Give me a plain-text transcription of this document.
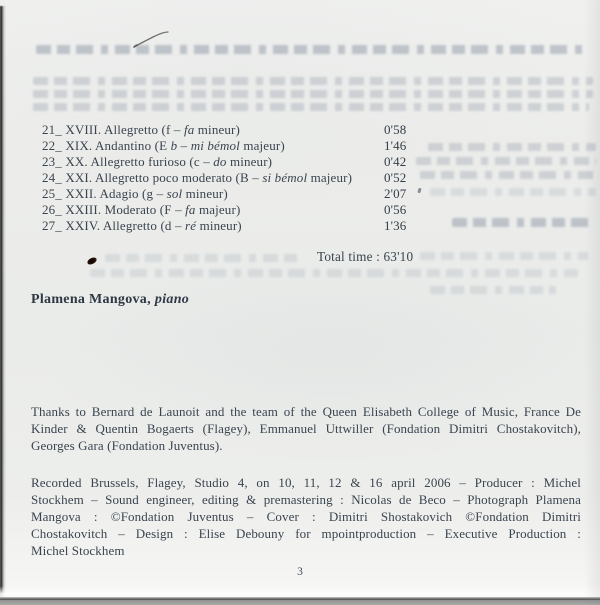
21_ XVIII. Allegretto (f – fa mineur)	0'58
22_ XIX. Andantino (E b – mi bémol majeur)	1'46
23_ XX. Allegretto furioso (c – do mineur)	0'42
24_ XXI. Allegretto poco moderato (B – si bémol majeur)	0'52
25_ XXII. Adagio (g – sol mineur)	2'07
26_ XXIII. Moderato (F – fa majeur)	0'56
27_ XXIV. Allegretto (d – ré mineur)	1'36
Total time : 63'10
Plamena Mangova, piano
Thanks to Bernard de Launoit and the team of the Queen Elisabeth College of Music, France De
Kinder & Quentin Bogaerts (Flagey), Emmanuel Uttwiller (Fondation Dimitri Chostakovitch),
Georges Gara (Fondation Juventus).
Recorded Brussels, Flagey, Studio 4, on 10, 11, 12 & 16 april 2006 – Producer : Michel
Stockhem – Sound engineer, editing & premastering : Nicolas de Beco – Photograph Plamena
Mangova : ©Fondation Juventus – Cover : Dimitri Shostakovich ©Fondation Dimitri
Chostakovitch – Design : Elise Debouny for mpointproduction – Executive Production :
Michel Stockhem
3
